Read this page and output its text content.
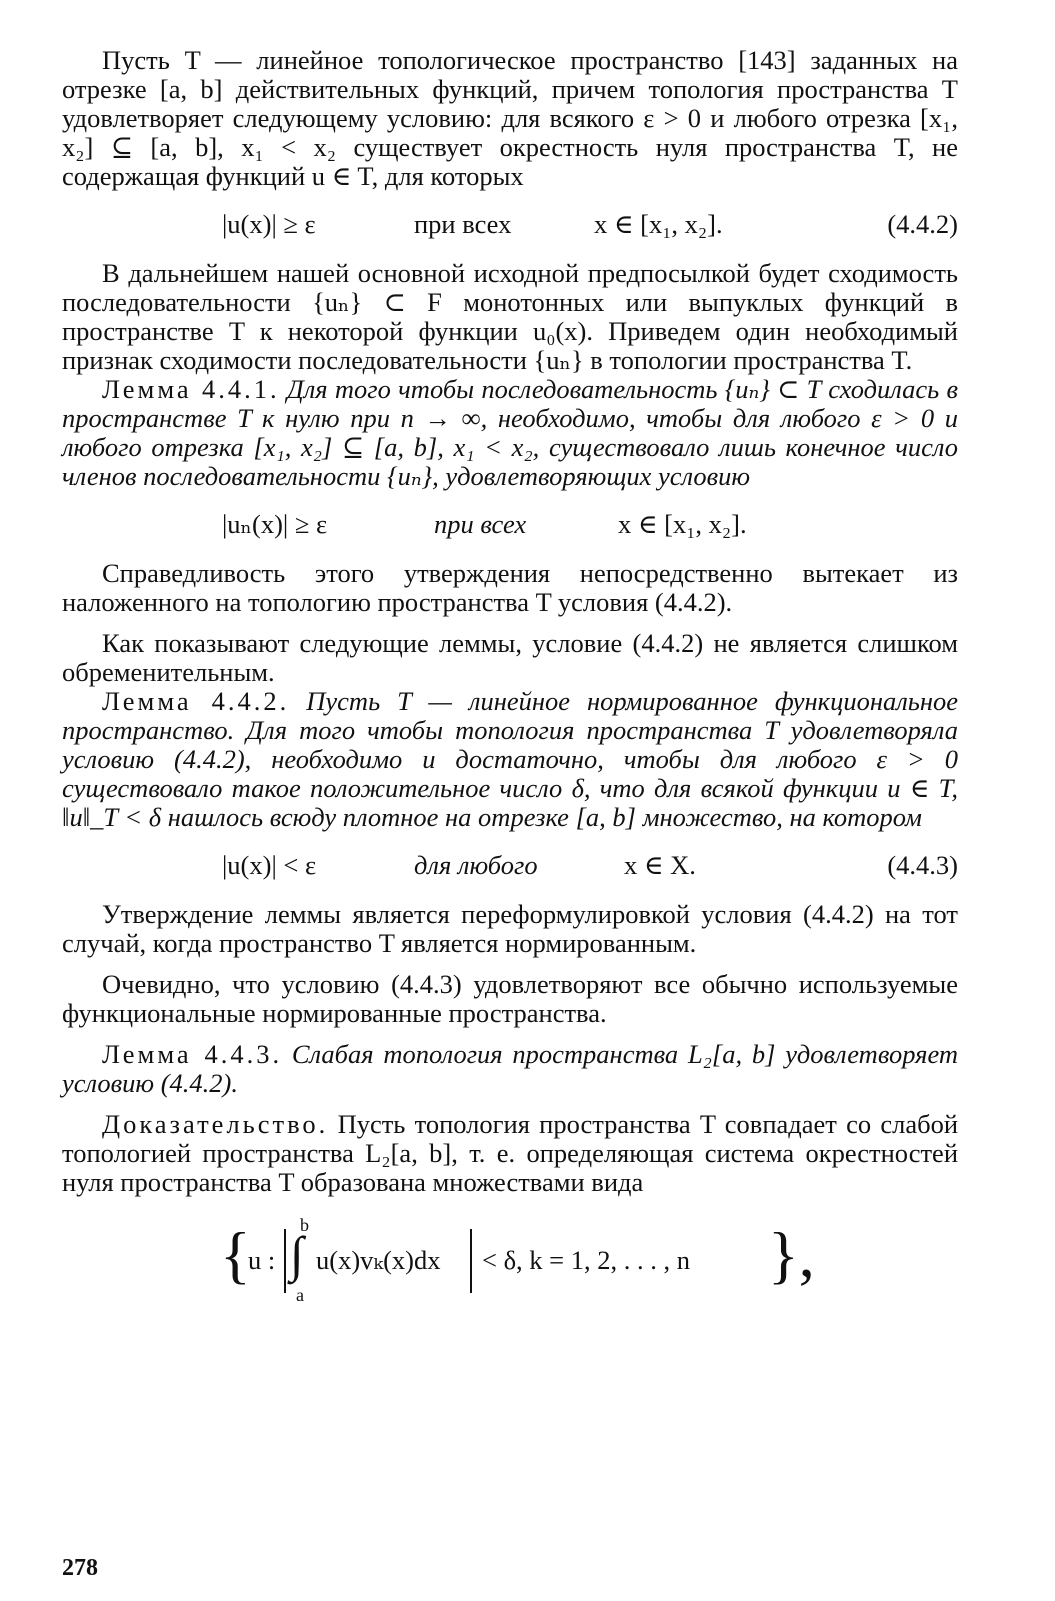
Пусть T — линейное топологическое пространство [143] заданных на отрезке [a, b] действительных функций, причем топология пространства T удовлетворяет следующему условию: для всякого ε > 0 и любого отрезка [x₁, x₂] ⊆ [a, b], x₁ < x₂ существует окрестность нуля пространства T, не содержащая функций u ∈ T, для которых

|u(x)| ≥ ε	при всех	x ∈ [x₁, x₂].	(4.4.2)

В дальнейшем нашей основной исходной предпосылкой будет сходимость последовательности {uₙ} ⊂ F монотонных или выпуклых функций в пространстве T к некоторой функции u₀(x). Приведем один необходимый признак сходимости последовательности {uₙ} в топологии пространства T.

Лемма 4.4.1. Для того чтобы последовательность {uₙ} ⊂ T сходилась в пространстве T к нулю при n → ∞, необходимо, чтобы для любого ε > 0 и любого отрезка [x₁, x₂] ⊆ [a, b], x₁ < x₂, существовало лишь конечное число членов последовательности {uₙ}, удовлетворяющих условию

|uₙ(x)| ≥ ε	при всех	x ∈ [x₁, x₂].

Справедливость этого утверждения непосредственно вытекает из наложенного на топологию пространства T условия (4.4.2).

Как показывают следующие леммы, условие (4.4.2) не является слишком обременительным.

Лемма 4.4.2. Пусть T — линейное нормированное функциональное пространство. Для того чтобы топология пространства T удовлетворяла условию (4.4.2), необходимо и достаточно, чтобы для любого ε > 0 существовало такое положительное число δ, что для всякой функции u ∈ T, ‖u‖_T < δ нашлось всюду плотное на отрезке [a, b] множество, на котором

|u(x)| < ε	для любого	x ∈ X.	(4.4.3)

Утверждение леммы является переформулировкой условия (4.4.2) на тот случай, когда пространство T является нормированным.

Очевидно, что условию (4.4.3) удовлетворяют все обычно используемые функциональные нормированные пространства.

Лемма 4.4.3. Слабая топология пространства L₂[a, b] удовлетворяет условию (4.4.2).

Доказательство. Пусть топология пространства T совпадает со слабой топологией пространства L₂[a, b], т. е. определяющая система окрестностей нуля пространства T образована множествами вида

{
u :
b
∫
a
u(x)vₖ(x)dx < δ, k = 1, 2, . . . , n },
278
